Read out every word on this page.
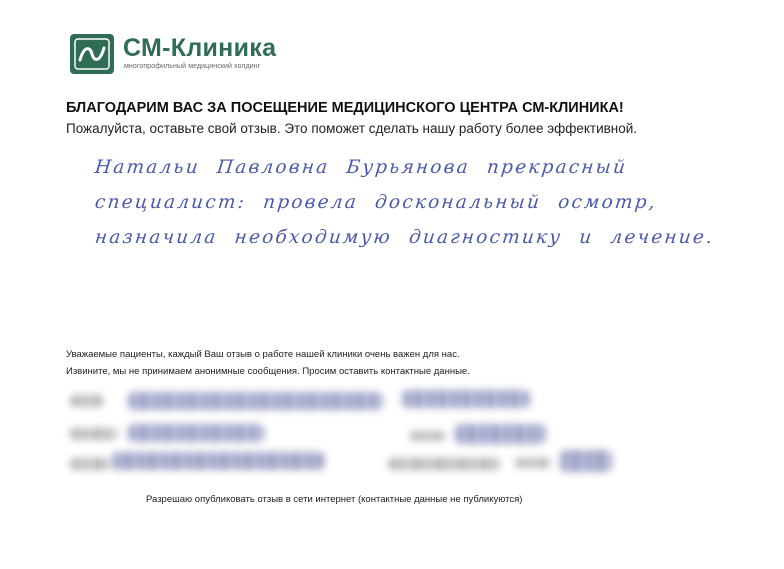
СМ-Клиника
многопрофильный медицинский холдинг
БЛАГОДАРИМ ВАС ЗА ПОСЕЩЕНИЕ МЕДИЦИНСКОГО ЦЕНТРА СМ-КЛИНИКА!
Пожалуйста, оставьте свой отзыв. Это поможет сделать нашу работу более эффективной.
Натальи Павловна Бурьянова прекрасный
специалист: провела доскональный осмотр,
назначила необходимую диагностику и лечение.
Уважаемые пациенты, каждый Ваш отзыв о работе нашей клиники очень важен для нас.
Извините, мы не принимаем анонимные сообщения. Просим оставить контактные данные.
Разрешаю опубликовать отзыв в сети интернет (контактные данные не публикуются)
